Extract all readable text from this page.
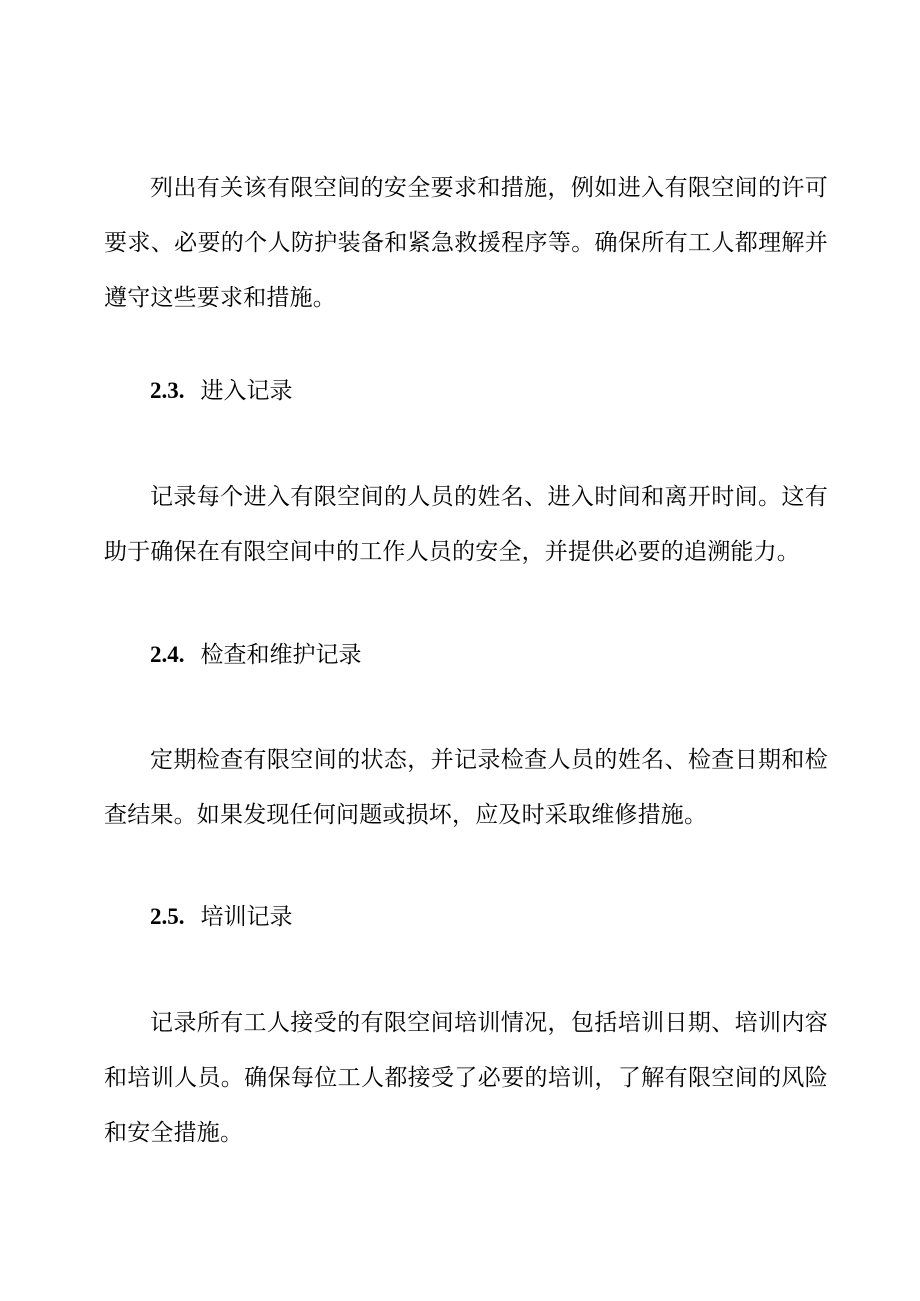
列出有关该有限空间的安全要求和措施，例如进入有限空间的许可要求、必要的个人防护装备和紧急救援程序等。确保所有工人都理解并遵守这些要求和措施。

2.3. 进入记录

记录每个进入有限空间的人员的姓名、进入时间和离开时间。这有助于确保在有限空间中的工作人员的安全，并提供必要的追溯能力。

2.4. 检查和维护记录

定期检查有限空间的状态，并记录检查人员的姓名、检查日期和检查结果。如果发现任何问题或损坏，应及时采取维修措施。

2.5. 培训记录

记录所有工人接受的有限空间培训情况，包括培训日期、培训内容和培训人员。确保每位工人都接受了必要的培训，了解有限空间的风险和安全措施。
